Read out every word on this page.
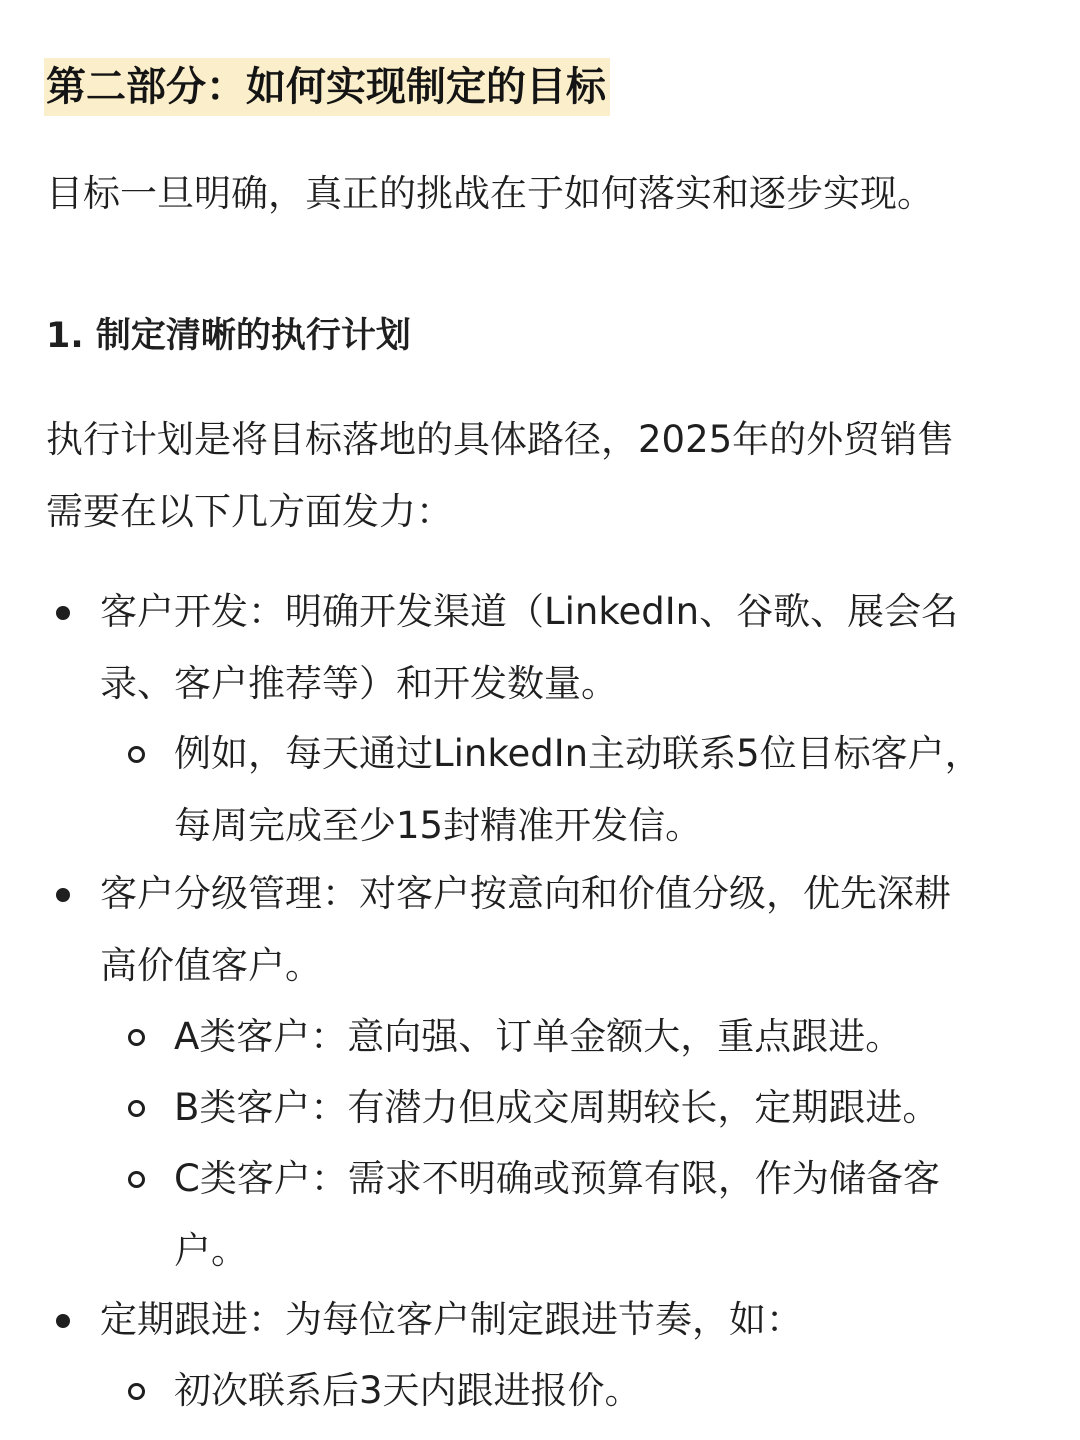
第二部分：如何实现制定的目标
目标一旦明确，真正的挑战在于如何落实和逐步实现。
1. 制定清晰的执行计划
执行计划是将目标落地的具体路径，2025年的外贸销售
需要在以下几方面发力：
客户开发：明确开发渠道（LinkedIn、谷歌、展会名
录、客户推荐等）和开发数量。
例如，每天通过LinkedIn主动联系5位目标客户，
每周完成至少15封精准开发信。
客户分级管理：对客户按意向和价值分级，优先深耕
高价值客户。
A类客户：意向强、订单金额大，重点跟进。
B类客户：有潜力但成交周期较长，定期跟进。
C类客户：需求不明确或预算有限，作为储备客
户。
定期跟进：为每位客户制定跟进节奏，如：
初次联系后3天内跟进报价。
